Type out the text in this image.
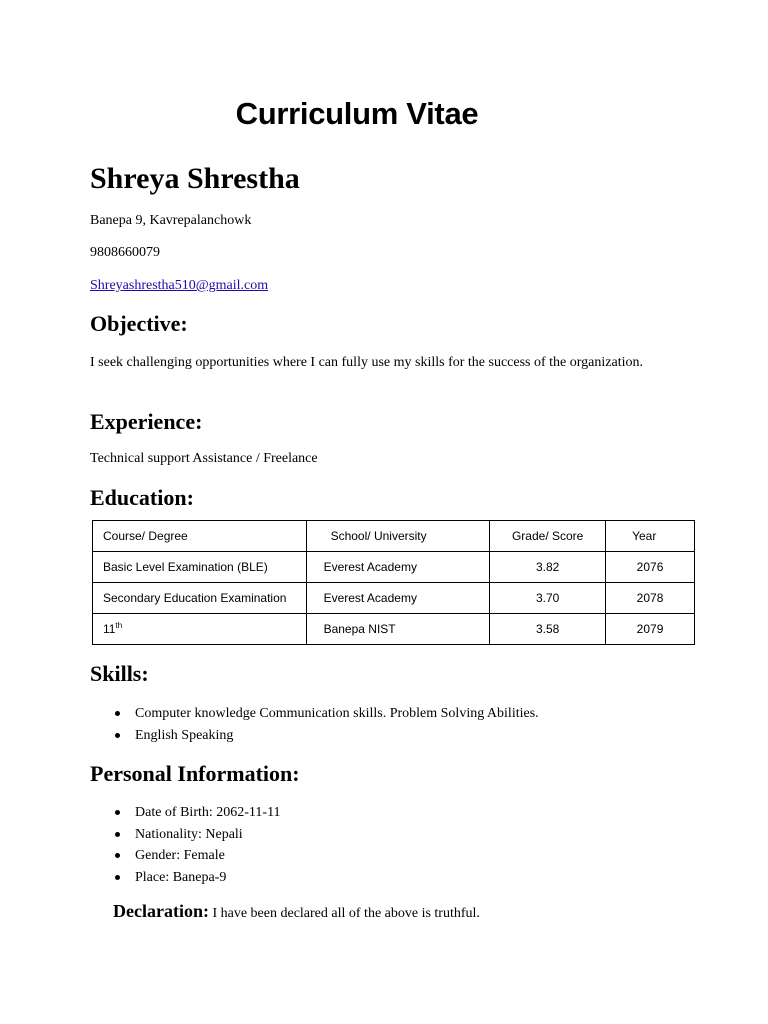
Curriculum Vitae
Shreya Shrestha
Banepa 9, Kavrepalanchowk
9808660079
Shreyashrestha510@gmail.com
Objective:
I seek challenging opportunities where I can fully use my skills for the success of the organization.
Experience:
Technical support Assistance / Freelance
Education:
Course/ Degree	School/ University	Grade/ Score	Year
Basic Level Examination (BLE)	Everest Academy	3.82	2076
Secondary Education Examination	Everest Academy	3.70	2078
11th	Banepa NIST	3.58	2079
Skills:
Computer knowledge Communication skills. Problem Solving Abilities.
English Speaking
Personal Information:
Date of Birth: 2062-11-11
Nationality: Nepali
Gender: Female
Place: Banepa-9
Declaration: I have been declared all of the above is truthful.
